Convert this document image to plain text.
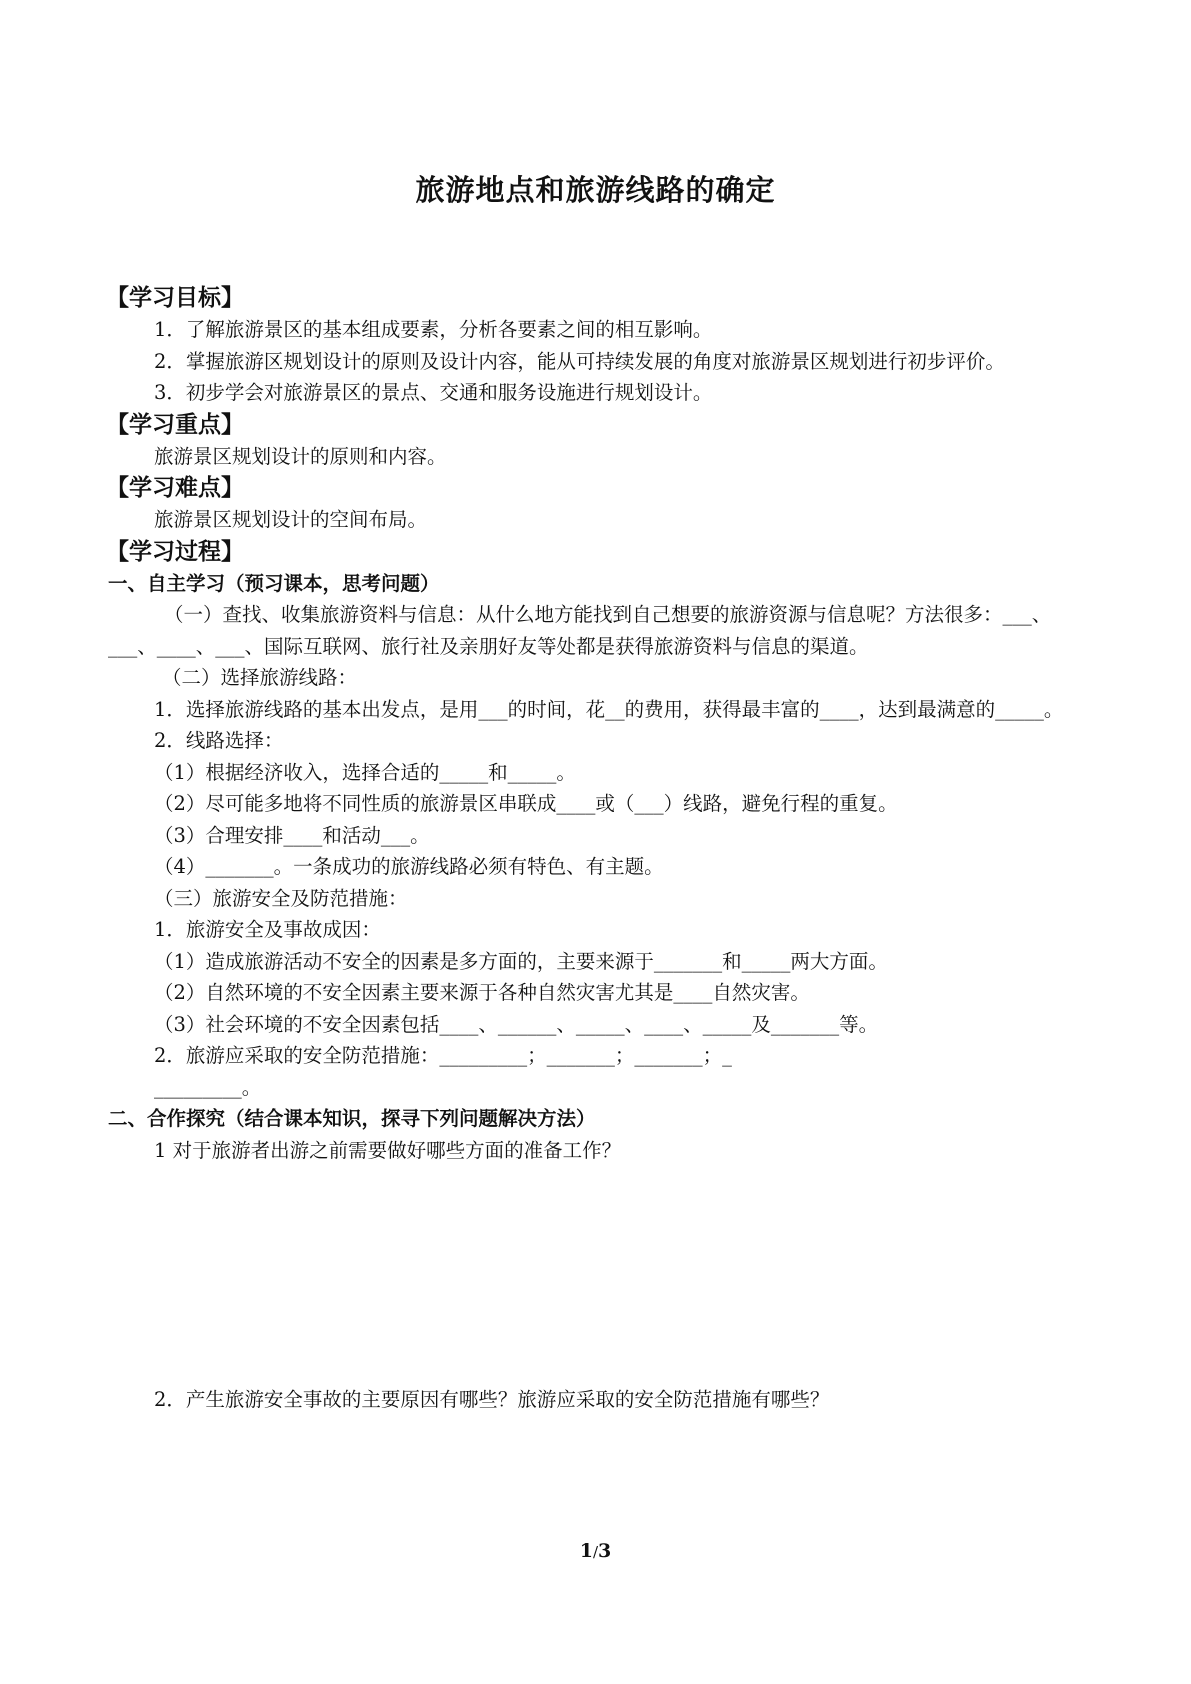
旅游地点和旅游线路的确定

【学习目标】

1．了解旅游景区的基本组成要素，分析各要素之间的相互影响。

2．掌握旅游区规划设计的原则及设计内容，能从可持续发展的角度对旅游景区规划进行初步评价。

3．初步学会对旅游景区的景点、交通和服务设施进行规划设计。

【学习重点】

旅游景区规划设计的原则和内容。

【学习难点】

旅游景区规划设计的空间布局。

【学习过程】

一、自主学习（预习课本，思考问题）

（一）查找、收集旅游资料与信息：从什么地方能找到自己想要的旅游资源与信息呢？方法很多：___、___、____、___、国际互联网、旅行社及亲朋好友等处都是获得旅游资料与信息的渠道。

（二）选择旅游线路：

1．选择旅游线路的基本出发点，是用___的时间，花__的费用，获得最丰富的____，达到最满意的_____。

2．线路选择：

（1）根据经济收入，选择合适的_____和_____。

（2）尽可能多地将不同性质的旅游景区串联成____或（___）线路，避免行程的重复。

（3）合理安排____和活动___。

（4）_______。一条成功的旅游线路必须有特色、有主题。

（三）旅游安全及防范措施：

1．旅游安全及事故成因：

（1）造成旅游活动不安全的因素是多方面的，主要来源于_______和_____两大方面。

（2）自然环境的不安全因素主要来源于各种自然灾害尤其是____自然灾害。

（3）社会环境的不安全因素包括____、______、_____、____、_____及_______等。

2．旅游应采取的安全防范措施：_________；_______；_______；_

_________。

二、合作探究（结合课本知识，探寻下列问题解决方法）

1 对于旅游者出游之前需要做好哪些方面的准备工作？

2．产生旅游安全事故的主要原因有哪些？旅游应采取的安全防范措施有哪些？

1/3
